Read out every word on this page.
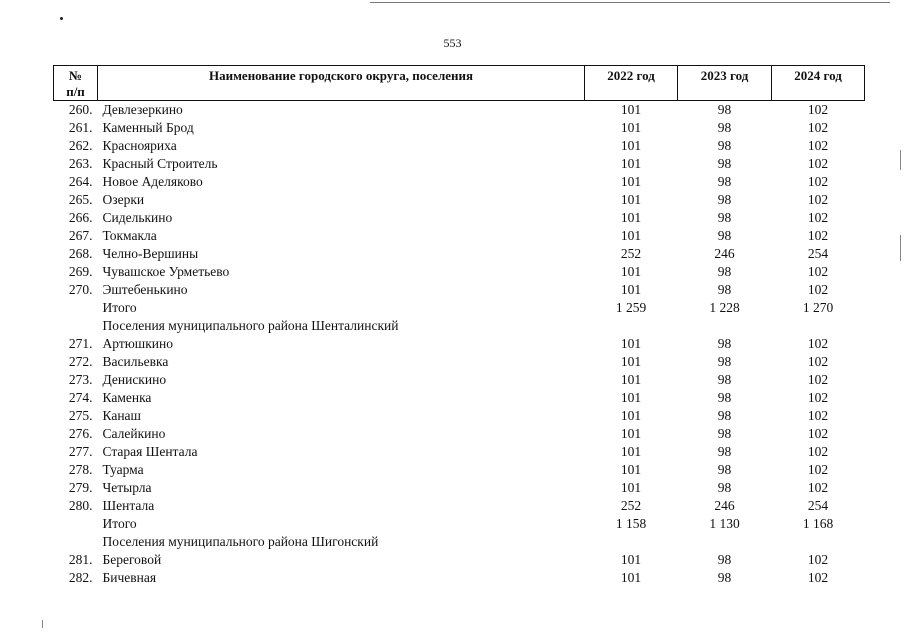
553
№
п/п	Наименование городского округа, поселения	2022 год	2023 год	2024 год
260.	Девлезеркино	101	98	102
261.	Каменный Брод	101	98	102
262.	Краснояриха	101	98	102
263.	Красный Строитель	101	98	102
264.	Новое Аделяково	101	98	102
265.	Озерки	101	98	102
266.	Сиделькино	101	98	102
267.	Токмакла	101	98	102
268.	Челно-Вершины	252	246	254
269.	Чувашское Урметьево	101	98	102
270.	Эштебенькино	101	98	102
	Итого	1 259	1 228	1 270
	Поселения муниципального района Шенталинский			
271.	Артюшкино	101	98	102
272.	Васильевка	101	98	102
273.	Денискино	101	98	102
274.	Каменка	101	98	102
275.	Канаш	101	98	102
276.	Салейкино	101	98	102
277.	Старая Шентала	101	98	102
278.	Туарма	101	98	102
279.	Четырла	101	98	102
280.	Шентала	252	246	254
	Итого	1 158	1 130	1 168
	Поселения муниципального района Шигонский			
281.	Береговой	101	98	102
282.	Бичевная	101	98	102
